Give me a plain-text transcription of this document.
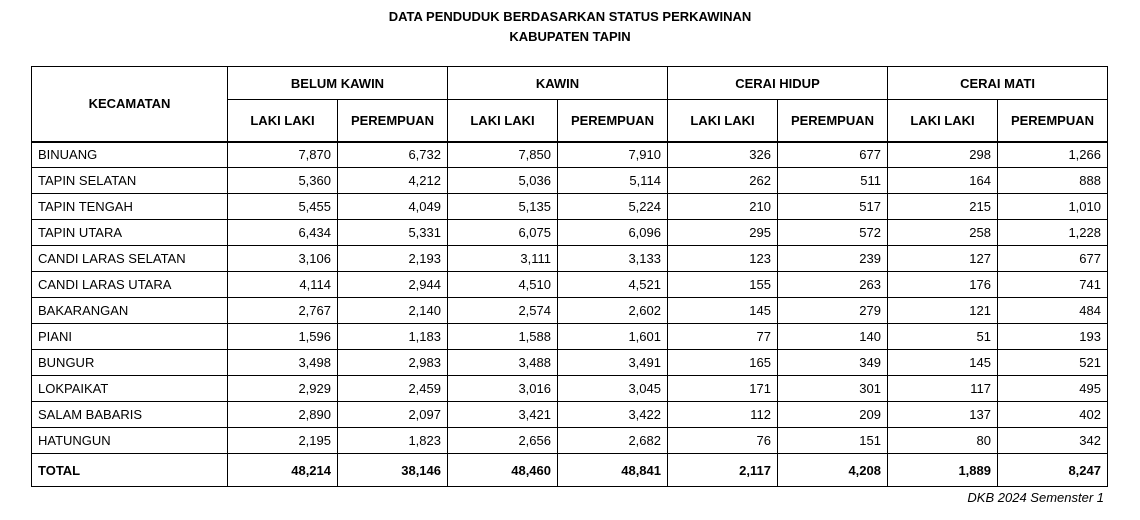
DATA PENDUDUK BERDASARKAN STATUS PERKAWINAN
KABUPATEN TAPIN
KECAMATAN	BELUM KAWIN		KAWIN		CERAI HIDUP		CERAI MATI	
	LAKI LAKI	PEREMPUAN	LAKI LAKI	PEREMPUAN	LAKI LAKI	PEREMPUAN	LAKI LAKI	PEREMPUAN
BINUANG	7,870	6,732	7,850	7,910	326	677	298	1,266
TAPIN SELATAN	5,360	4,212	5,036	5,114	262	511	164	888
TAPIN TENGAH	5,455	4,049	5,135	5,224	210	517	215	1,010
TAPIN UTARA	6,434	5,331	6,075	6,096	295	572	258	1,228
CANDI LARAS SELATAN	3,106	2,193	3,111	3,133	123	239	127	677
CANDI LARAS UTARA	4,114	2,944	4,510	4,521	155	263	176	741
BAKARANGAN	2,767	2,140	2,574	2,602	145	279	121	484
PIANI	1,596	1,183	1,588	1,601	77	140	51	193
BUNGUR	3,498	2,983	3,488	3,491	165	349	145	521
LOKPAIKAT	2,929	2,459	3,016	3,045	171	301	117	495
SALAM BABARIS	2,890	2,097	3,421	3,422	112	209	137	402
HATUNGUN	2,195	1,823	2,656	2,682	76	151	80	342
TOTAL	48,214	38,146	48,460	48,841	2,117	4,208	1,889	8,247
DKB 2024 Semenster 1
